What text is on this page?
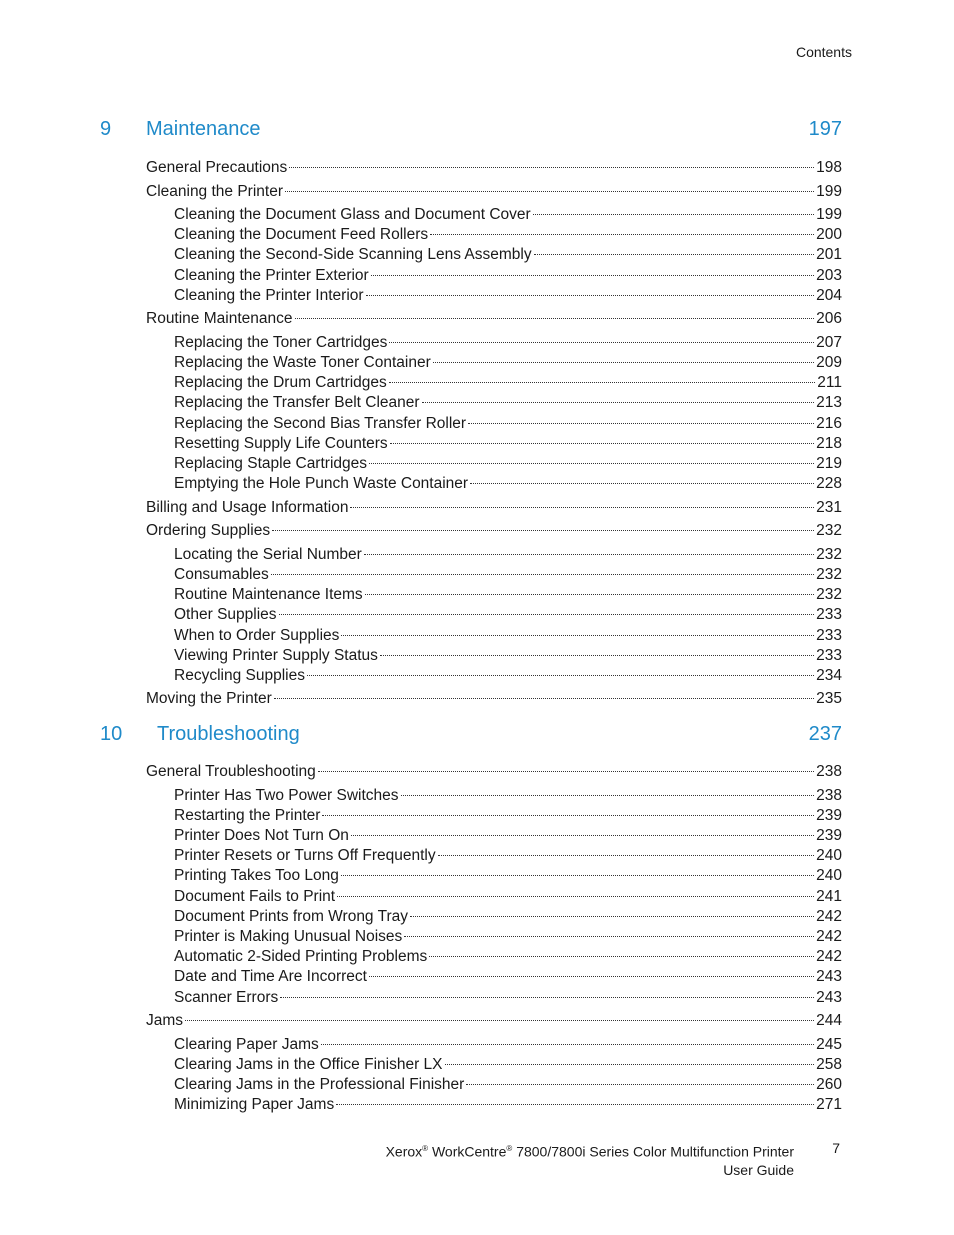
Contents
9 Maintenance	197
General Precautions	198
Cleaning the Printer	199
Cleaning the Document Glass and Document Cover	199
Cleaning the Document Feed Rollers	200
Cleaning the Second-Side Scanning Lens Assembly	201
Cleaning the Printer Exterior	203
Cleaning the Printer Interior	204
Routine Maintenance	206
Replacing the Toner Cartridges	207
Replacing the Waste Toner Container	209
Replacing the Drum Cartridges	211
Replacing the Transfer Belt Cleaner	213
Replacing the Second Bias Transfer Roller	216
Resetting Supply Life Counters	218
Replacing Staple Cartridges	219
Emptying the Hole Punch Waste Container	228
Billing and Usage Information	231
Ordering Supplies	232
Locating the Serial Number	232
Consumables	232
Routine Maintenance Items	232
Other Supplies	233
When to Order Supplies	233
Viewing Printer Supply Status	233
Recycling Supplies	234
Moving the Printer	235
10 Troubleshooting	237
General Troubleshooting	238
Printer Has Two Power Switches	238
Restarting the Printer	239
Printer Does Not Turn On	239
Printer Resets or Turns Off Frequently	240
Printing Takes Too Long	240
Document Fails to Print	241
Document Prints from Wrong Tray	242
Printer is Making Unusual Noises	242
Automatic 2-Sided Printing Problems	242
Date and Time Are Incorrect	243
Scanner Errors	243
Jams	244
Clearing Paper Jams	245
Clearing Jams in the Office Finisher LX	258
Clearing Jams in the Professional Finisher	260
Minimizing Paper Jams	271
Xerox® WorkCentre® 7800/7800i Series Color Multifunction Printer
User Guide
7
